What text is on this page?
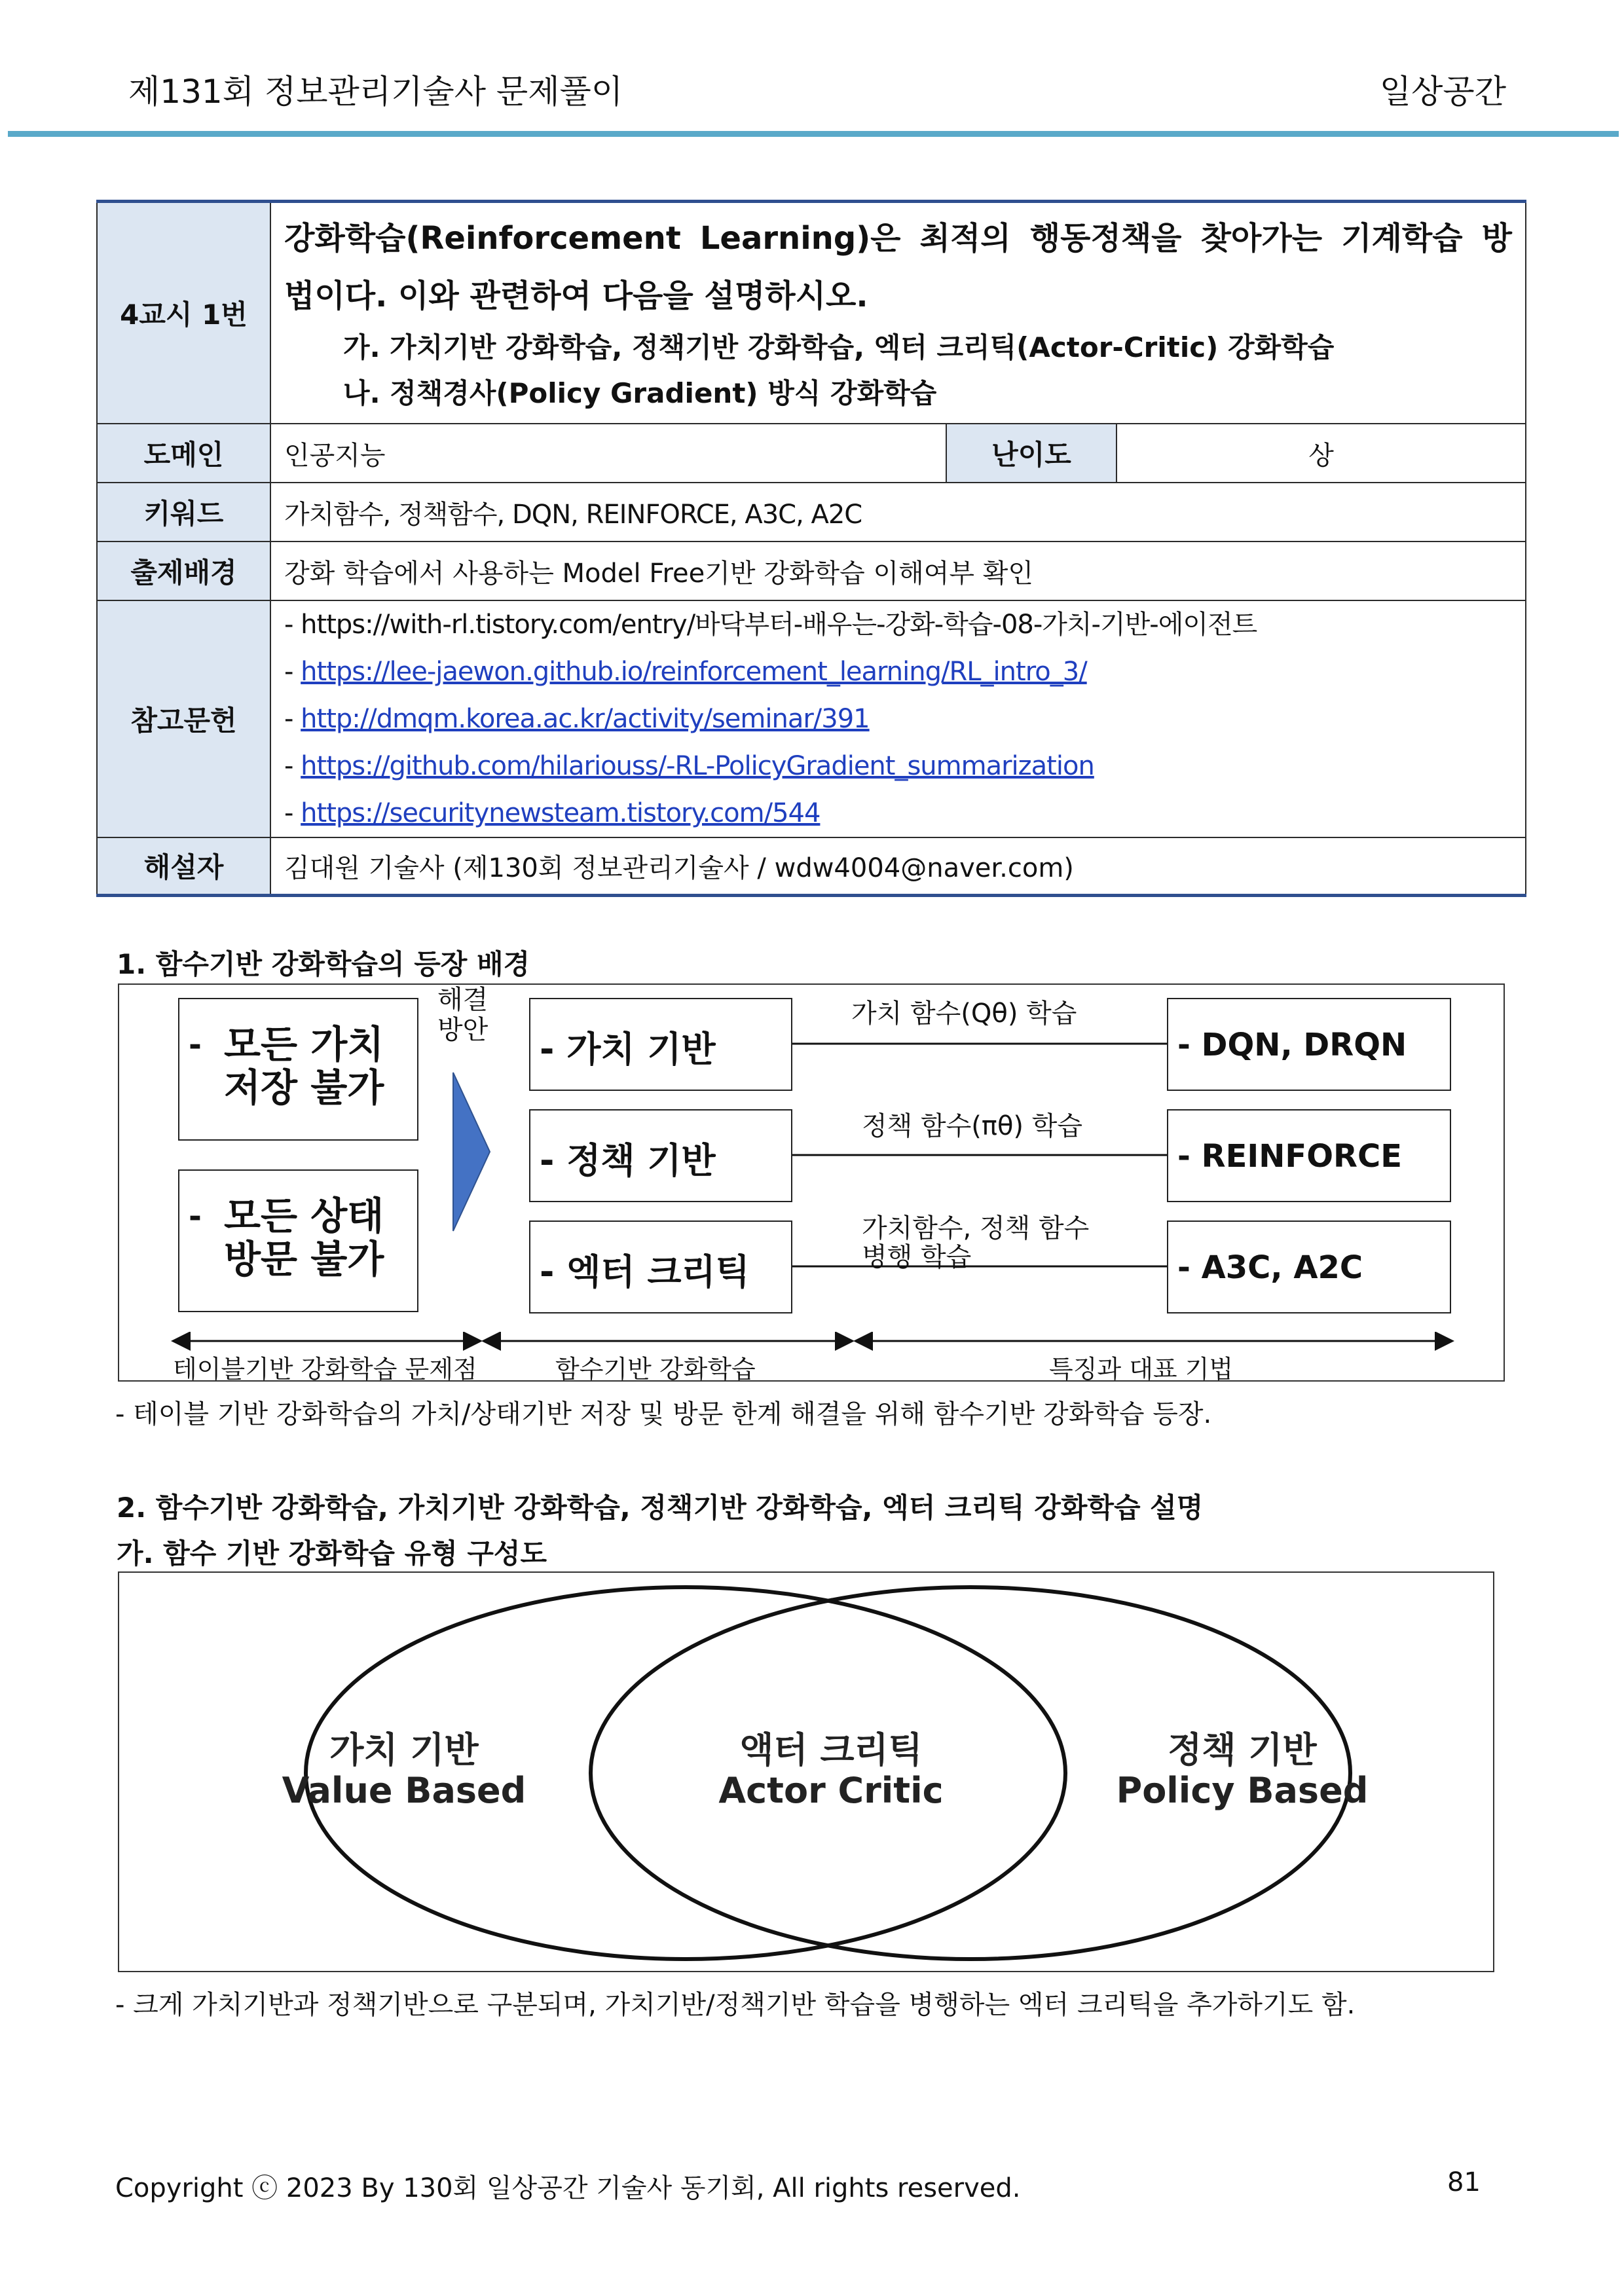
제131회 정보관리기술사 문제풀이	일상공간
4교시 1번	강화학습(Reinforcement Learning)은 최적의 행동정책을 찾아가는 기계학습 방
법이다. 이와 관련하여 다음을 설명하시오.
가. 가치기반 강화학습, 정책기반 강화학습, 엑터 크리틱(Actor-Critic) 강화학습
나. 정책경사(Policy Gradient) 방식 강화학습		

도메인	인공지능	난이도	상
키워드	가치함수, 정책함수, DQN, REINFORCE, A3C, A2C		
출제배경	강화 학습에서 사용하는 Model Free기반 강화학습 이해여부 확인		
참고문헌	- https://with-rl.tistory.com/entry/바닥부터-배우는-강화-학습-08-가치-기반-에이전트
- https://lee-jaewon.github.io/reinforcement_learning/RL_intro_3/
- http://dmqm.korea.ac.kr/activity/seminar/391
- https://github.com/hilariouss/-RL-PolicyGradient_summarization
- https://securitynewsteam.tistory.com/544		

해설자	김대원 기술사 (제130회 정보관리기술사 / wdw4004@naver.com)		
1. 함수기반 강화학습의 등장 배경
- 모든 가치
저장 불가
- 모든 상태
방문 불가
해결
방안 - 가치 기반
- 정책 기반
- 엑터 크리틱
가치 함수(Qθ) 학습
정책 함수(πθ) 학습
가치함수, 정책 함수
병행 학습
- DQN, DRQN
- REINFORCE
- A3C, A2C
테이블기반 강화학습 문제점	함수기반 강화학습	특징과 대표 기법
- 테이블 기반 강화학습의 가치/상태기반 저장 및 방문 한계 해결을 위해 함수기반 강화학습 등장.
2. 함수기반 강화학습, 가치기반 강화학습, 정책기반 강화학습, 엑터 크리틱 강화학습 설명
가. 함수 기반 강화학습 유형 구성도
가치 기반
Value Based
액터 크리틱
Actor Critic
정책 기반
Policy Based
- 크게 가치기반과 정책기반으로 구분되며, 가치기반/정책기반 학습을 병행하는 엑터 크리틱을 추가하기도 함.
Copyright ⓒ 2023 By 130회 일상공간 기술사 동기회, All rights reserved.	81
